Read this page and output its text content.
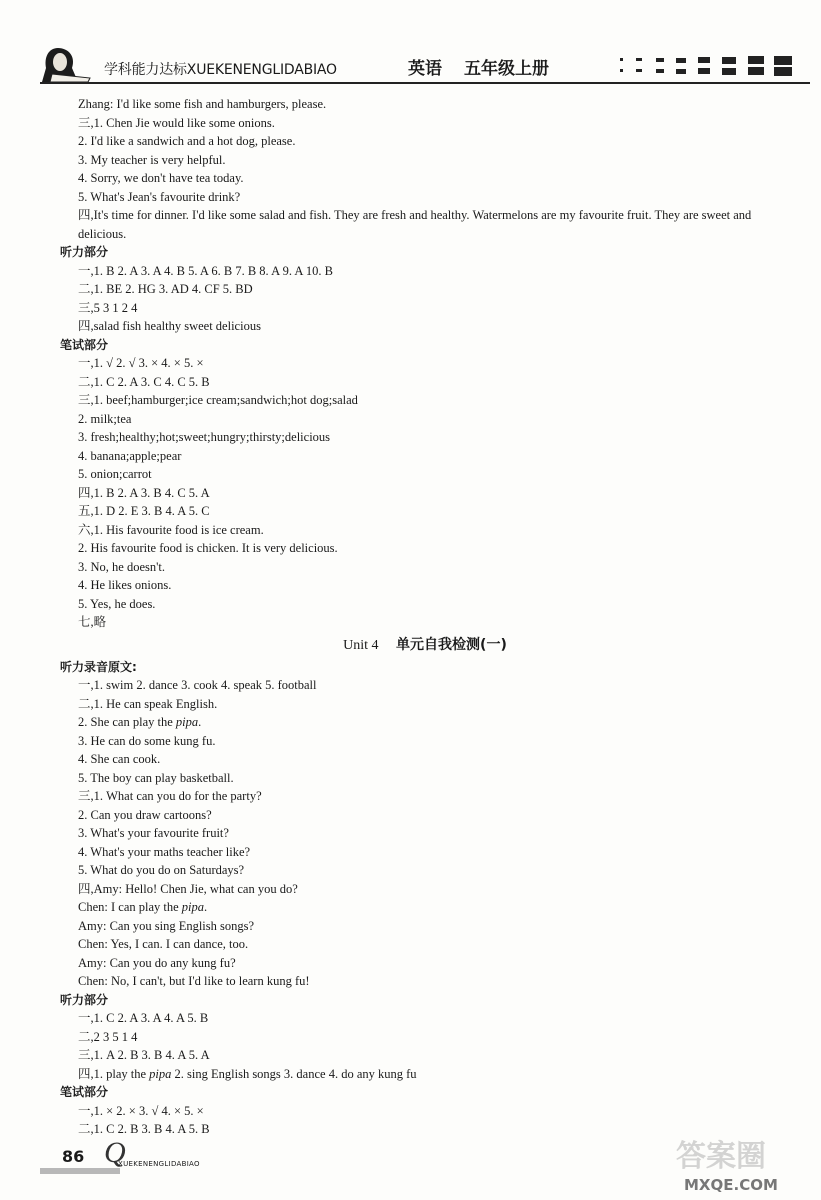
学科能力达标XUEKENENGLIDABIAO	英语 五年级上册
Zhang: I'd like some fish and hamburgers, please.
三,1. Chen Jie would like some onions.
2. I'd like a sandwich and a hot dog, please.
3. My teacher is very helpful.
4. Sorry, we don't have tea today.
5. What's Jean's favourite drink?
四,It's time for dinner. I'd like some salad and fish. They are fresh and healthy. Watermelons are my favourite fruit. They are sweet and delicious.
听力部分
一,1. B 2. A 3. A 4. B 5. A 6. B 7. B 8. A 9. A 10. B
二,1. BE 2. HG 3. AD 4. CF 5. BD
三,5 3 1 2 4
四,salad fish healthy sweet delicious
笔试部分
一,1. √ 2. √ 3. × 4. × 5. ×
二,1. C 2. A 3. C 4. C 5. B
三,1. beef;hamburger;ice cream;sandwich;hot dog;salad
2. milk;tea
3. fresh;healthy;hot;sweet;hungry;thirsty;delicious
4. banana;apple;pear
5. onion;carrot
四,1. B 2. A 3. B 4. C 5. A
五,1. D 2. E 3. B 4. A 5. C
六,1. His favourite food is ice cream.
2. His favourite food is chicken. It is very delicious.
3. No, he doesn't.
4. He likes onions.
5. Yes, he does.
七,略
Unit 4 单元自我检测(一)
听力录音原文:
一,1. swim 2. dance 3. cook 4. speak 5. football
二,1. He can speak English.
2. She can play the pipa.
3. He can do some kung fu.
4. She can cook.
5. The boy can play basketball.
三,1. What can you do for the party?
2. Can you draw cartoons?
3. What's your favourite fruit?
4. What's your maths teacher like?
5. What do you do on Saturdays?
四,Amy: Hello! Chen Jie, what can you do?
Chen: I can play the pipa.
Amy: Can you sing English songs?
Chen: Yes, I can. I can dance, too.
Amy: Can you do any kung fu?
Chen: No, I can't, but I'd like to learn kung fu!
听力部分
一,1. C 2. A 3. A 4. A 5. B
二,2 3 5 1 4
三,1. A 2. B 3. B 4. A 5. A
四,1. play the pipa 2. sing English songs 3. dance 4. do any kung fu
笔试部分
一,1. × 2. × 3. √ 4. × 5. ×
二,1. C 2. B 3. B 4. A 5. B
86 Q
XUEKENENGLIDABIAO	答案圈
MXQE.COM
